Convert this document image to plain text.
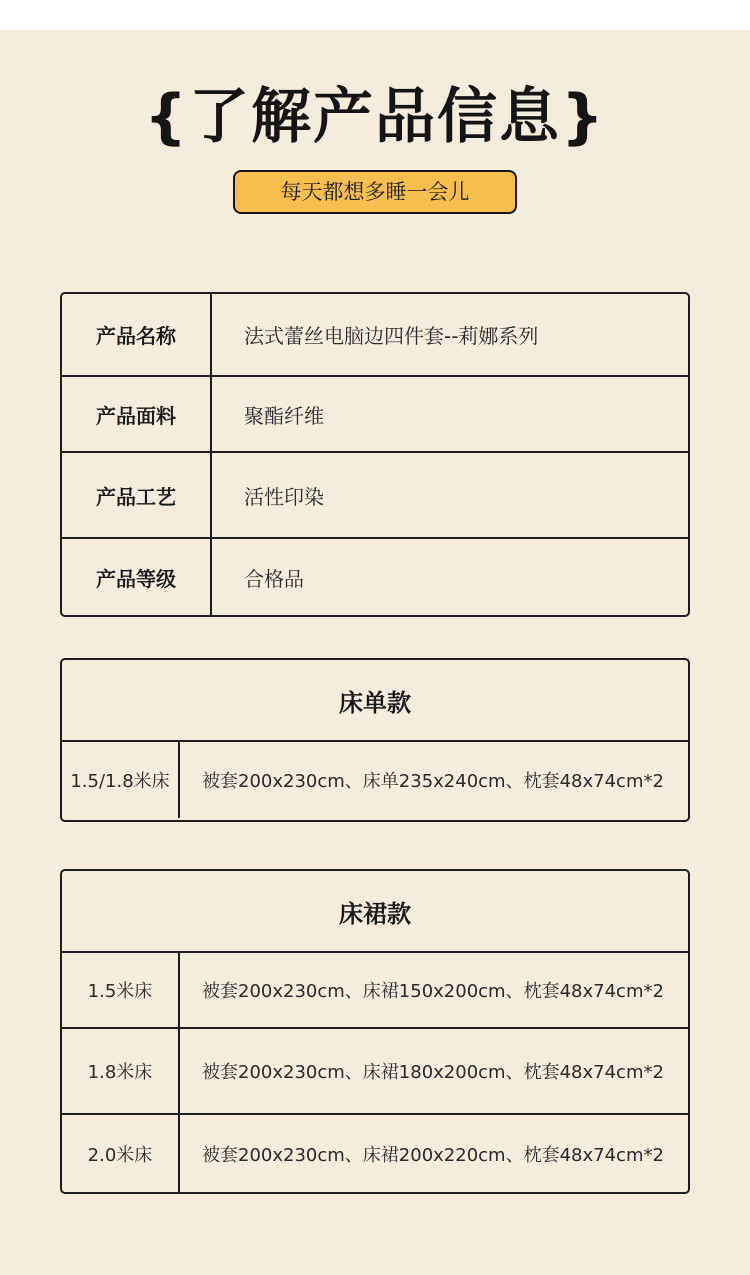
{了解产品信息}
每天都想多睡一会儿
产品名称	法式蕾丝电脑边四件套--莉娜系列
产品面料	聚酯纤维
产品工艺	活性印染
产品等级	合格品
床单款
1.5/1.8米床	被套200x230cm、床单235x240cm、枕套48x74cm*2
床裙款
1.5米床	被套200x230cm、床裙150x200cm、枕套48x74cm*2
1.8米床	被套200x230cm、床裙180x200cm、枕套48x74cm*2
2.0米床	被套200x230cm、床裙200x220cm、枕套48x74cm*2
